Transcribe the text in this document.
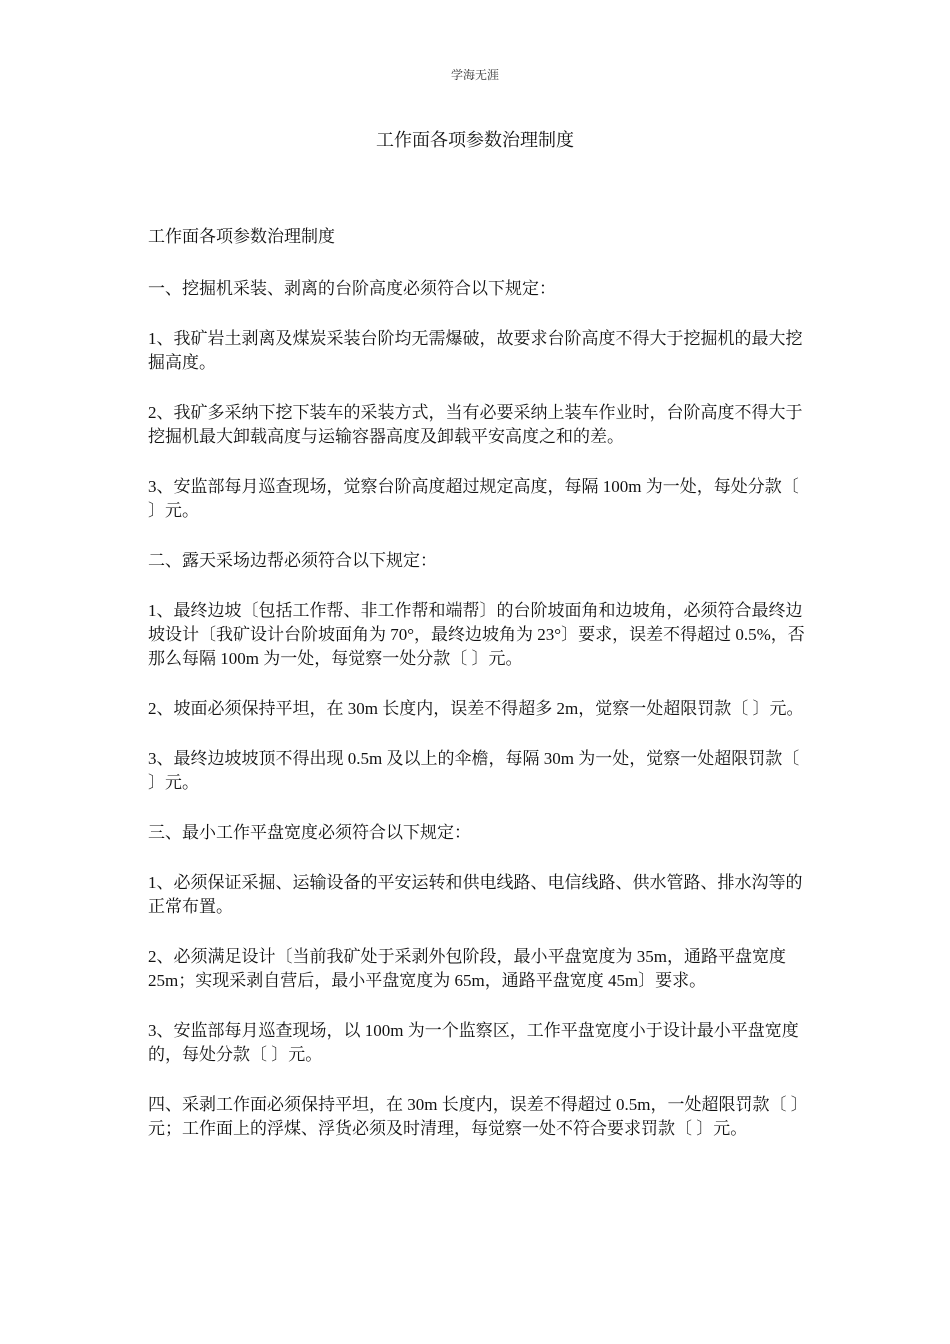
学海无涯
工作面各项参数治理制度

工作面各项参数治理制度

一、挖掘机采装、剥离的台阶高度必须符合以下规定：

1、我矿岩土剥离及煤炭采装台阶均无需爆破，故要求台阶高度不得大于挖掘机的最大挖掘高度。

2、我矿多采纳下挖下装车的采装方式，当有必要采纳上装车作业时，台阶高度不得大于挖掘机最大卸载高度与运输容器高度及卸载平安高度之和的差。

3、安监部每月巡查现场，觉察台阶高度超过规定高度，每隔 100m 为一处，每处分款〔 〕元。

二、露天采场边帮必须符合以下规定：

1、最终边坡〔包括工作帮、非工作帮和端帮〕的台阶坡面角和边坡角，必须符合最终边坡设计〔我矿设计台阶坡面角为 70°，最终边坡角为 23°〕要求，误差不得超过 0.5%，否那么每隔 100m 为一处，每觉察一处分款〔 〕元。

2、坡面必须保持平坦，在 30m 长度内，误差不得超多 2m，觉察一处超限罚款〔 〕元。

3、最终边坡坡顶不得出现 0.5m 及以上的伞檐，每隔 30m 为一处，觉察一处超限罚款〔 〕元。

三、最小工作平盘宽度必须符合以下规定：

1、必须保证采掘、运输设备的平安运转和供电线路、电信线路、供水管路、排水沟等的正常布置。

2、必须满足设计〔当前我矿处于采剥外包阶段，最小平盘宽度为 35m，通路平盘宽度 25m；实现采剥自营后，最小平盘宽度为 65m，通路平盘宽度 45m〕要求。

3、安监部每月巡查现场，以 100m 为一个监察区，工作平盘宽度小于设计最小平盘宽度的，每处分款〔 〕元。

四、采剥工作面必须保持平坦，在 30m 长度内，误差不得超过 0.5m，一处超限罚款〔 〕元；工作面上的浮煤、浮货必须及时清理，每觉察一处不符合要求罚款〔 〕元。
